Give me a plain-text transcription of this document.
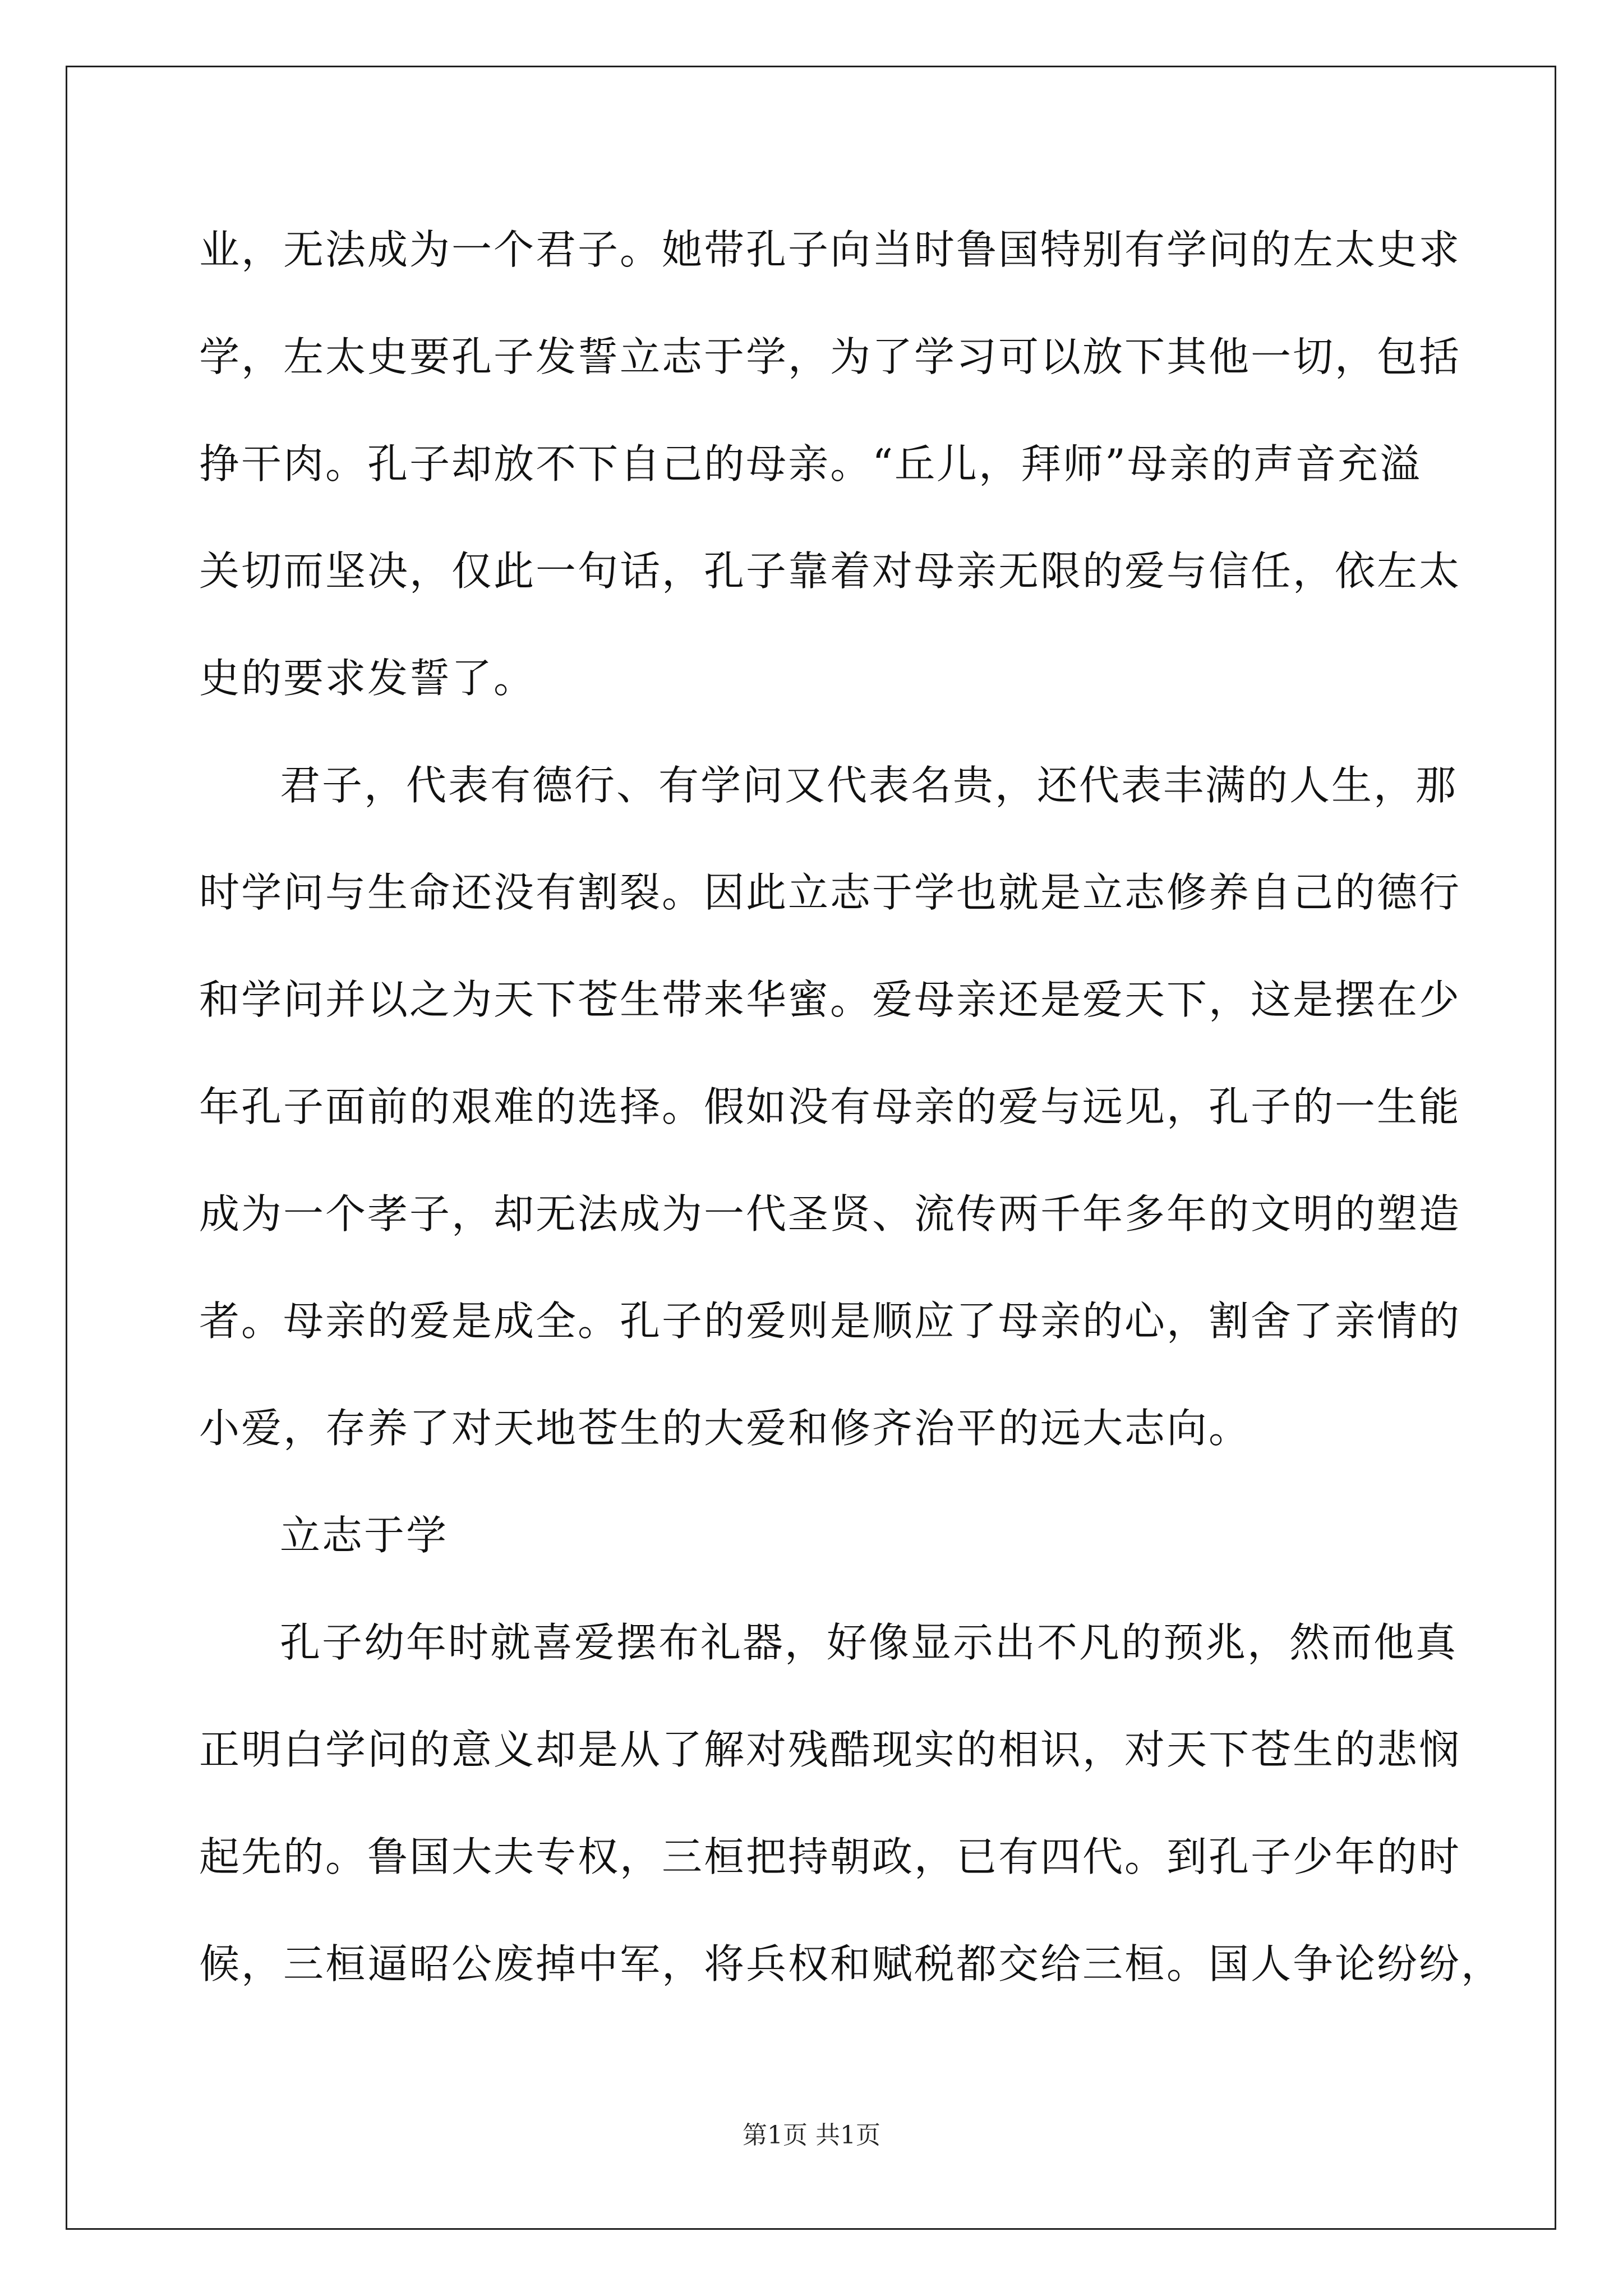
业，无法成为一个君子。她带孔子向当时鲁国特别有学问的左太史求
学，左太史要孔子发誓立志于学，为了学习可以放下其他一切，包括
挣干肉。孔子却放不下自己的母亲。“丘儿，拜师”母亲的声音充溢
关切而坚决，仅此一句话，孔子靠着对母亲无限的爱与信任，依左太
史的要求发誓了。
君子，代表有德行、有学问又代表名贵，还代表丰满的人生，那
时学问与生命还没有割裂。因此立志于学也就是立志修养自己的德行
和学问并以之为天下苍生带来华蜜。爱母亲还是爱天下，这是摆在少
年孔子面前的艰难的选择。假如没有母亲的爱与远见，孔子的一生能
成为一个孝子，却无法成为一代圣贤、流传两千年多年的文明的塑造
者。母亲的爱是成全。孔子的爱则是顺应了母亲的心，割舍了亲情的
小爱，存养了对天地苍生的大爱和修齐治平的远大志向。
立志于学
孔子幼年时就喜爱摆布礼器，好像显示出不凡的预兆，然而他真
正明白学问的意义却是从了解对残酷现实的相识，对天下苍生的悲悯
起先的。鲁国大夫专权，三桓把持朝政，已有四代。到孔子少年的时
候，三桓逼昭公废掉中军，将兵权和赋税都交给三桓。国人争论纷纷，
第1页 共1页
